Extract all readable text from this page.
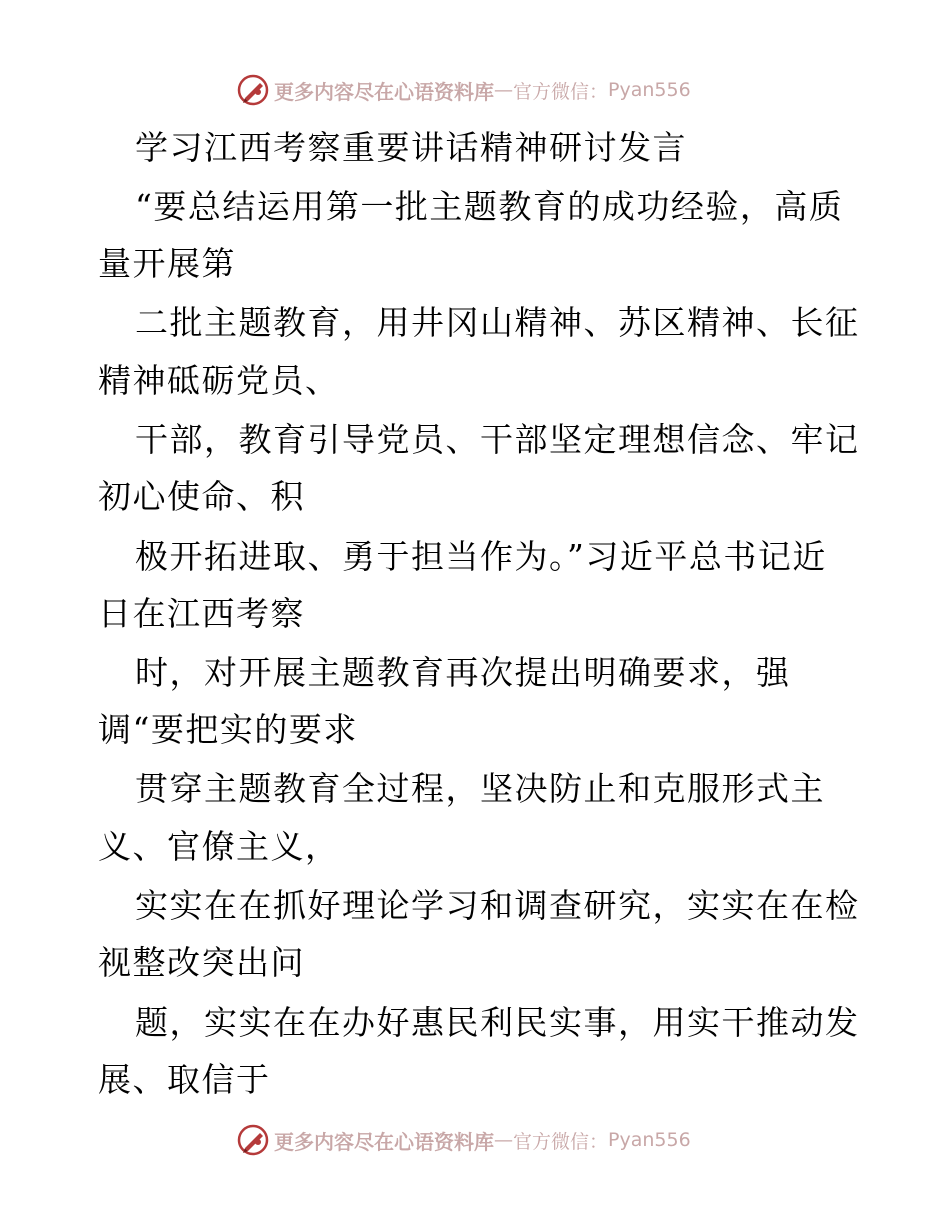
更多内容尽在心语资料库 — 官方微信： Pyan556
学习江西考察重要讲话精神研讨发言
“要总结运用第一批主题教育的成功经验，高质
量开展第
二批主题教育，用井冈山精神、苏区精神、长征
精神砥砺党员、
干部，教育引导党员、干部坚定理想信念、牢记
初心使命、积
极开拓进取、勇于担当作为。”习近平总书记近
日在江西考察
时，对开展主题教育再次提出明确要求，强
调“要把实的要求
贯穿主题教育全过程，坚决防止和克服形式主
义、官僚主义，
实实在在抓好理论学习和调查研究，实实在在检
视整改突出问
题，实实在在办好惠民利民实事，用实干推动发
展、取信于
更多内容尽在心语资料库 — 官方微信： Pyan556
